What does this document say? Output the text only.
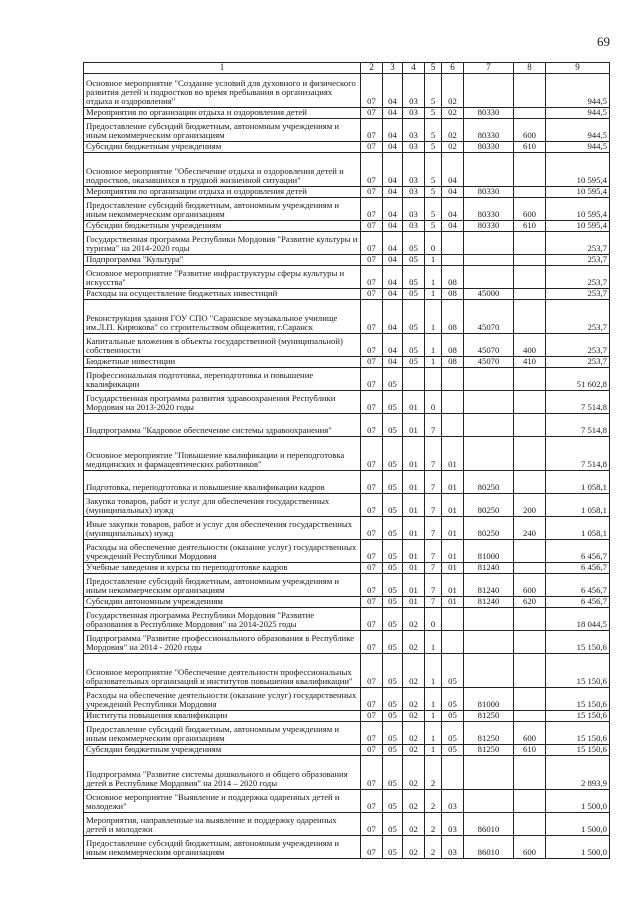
69
1	2	3	4	5	6	7	8	9
Основное мероприятие "Создание условий для духовного и физического развития детей и подростков во время пребывания в организациях отдыха и оздоровления"	07	04	03	5	02			944,5
Мероприятия по организации отдыха и оздоровления детей	07	04	03	5	02	80330		944,5
Предоставление субсидий бюджетным, автономным учреждениям и иным некоммерческим организациям	07	04	03	5	02	80330	600	944,5
Субсидии бюджетным учреждениям	07	04	03	5	02	80330	610	944,5
Основное мероприятие "Обеспечение отдыха и оздоровления детей и подростков, оказавшихся в трудной жизненной ситуации"	07	04	03	5	04			10 595,4
Мероприятия по организации отдыха и оздоровления детей	07	04	03	5	04	80330		10 595,4
Предоставление субсидий бюджетным, автономным учреждениям и иным некоммерческим организациям	07	04	03	5	04	80330	600	10 595,4
Субсидии бюджетным учреждениям	07	04	03	5	04	80330	610	10 595,4
Государственная программа Республики Мордовия "Развитие культуры и туризма" на 2014-2020 годы	07	04	05	0				253,7
Подпрограмма "Культура"	07	04	05	1				253,7
Основное мероприятие "Развитие инфраструктуры сферы культуры и искусства"	07	04	05	1	08			253,7
Расходы на осуществление бюджетных инвестиций	07	04	05	1	08	45000		253,7
Реконструкция здания ГОУ СПО "Саранское музыкальное училище им.Л.П. Кирюкова" со строительством общежития, г.Саранск	07	04	05	1	08	45070		253,7
Капитальные вложения в объекты государственной (муниципальной) собственности	07	04	05	1	08	45070	400	253,7
Бюджетные инвестиции	07	04	05	1	08	45070	410	253,7
Профессиональная подготовка, переподготовка и повышение квалификации	07	05						51 602,8
Государственная программа развития здравоохранения Республики Мордовия на 2013-2020 годы	07	05	01	0				7 514,8
Подпрограмма "Кадровое обеспечение системы здравоохранения"	07	05	01	7				7 514,8
Основное мероприятие "Повышение квалификации и переподготовка медицинских и фармацевтических работников"	07	05	01	7	01			7 514,8
Подготовка, переподготовка и повышение квалификации кадров	07	05	01	7	01	80250		1 058,1
Закупка товаров, работ и услуг для обеспечения государственных (муниципальных) нужд	07	05	01	7	01	80250	200	1 058,1
Иные закупки товаров, работ и услуг для обеспечения государственных (муниципальных) нужд	07	05	01	7	01	80250	240	1 058,1
Расходы на обеспечение деятельности (оказание услуг) государственных учреждений Республики Мордовия	07	05	01	7	01	81000		6 456,7
Учебные заведения и курсы по переподготовке кадров	07	05	01	7	01	81240		6 456,7
Предоставление субсидий бюджетным, автономным учреждениям и иным некоммерческим организациям	07	05	01	7	01	81240	600	6 456,7
Субсидии автономным учреждениям	07	05	01	7	01	81240	620	6 456,7
Государственная программа Республики Мордовия "Развитие образования в Республике Мордовия" на 2014-2025 годы	07	05	02	0				18 044,5
Подпрограмма "Развитие профессионального образования в Республике Мордовия" на 2014 - 2020 годы	07	05	02	1				15 150,6
Основное мероприятие "Обеспечение деятельности профессиональных образовательных организаций и институтов повышения квалификации"	07	05	02	1	05			15 150,6
Расходы на обеспечение деятельности (оказание услуг) государственных учреждений Республики Мордовия	07	05	02	1	05	81000		15 150,6
Институты повышения квалификации	07	05	02	1	05	81250		15 150,6
Предоставление субсидий бюджетным, автономным учреждениям и иным некоммерческим организациям	07	05	02	1	05	81250	600	15 150,6
Субсидии бюджетным учреждениям	07	05	02	1	05	81250	610	15 150,6
Подпрограмма "Развитие системы дошкольного и общего образования детей в Республике Мордовия" на 2014 – 2020 годы	07	05	02	2				2 893,9
Основное мероприятие "Выявление и поддержка одаренных детей и молодежи"	07	05	02	2	03			1 500,0
Мероприятия, направленные на выявление и поддержку одаренных детей и молодежи	07	05	02	2	03	86010		1 500,0
Предоставление субсидий бюджетным, автономным учреждениям и иным некоммерческим организациям	07	05	02	2	03	86010	600	1 500,0
